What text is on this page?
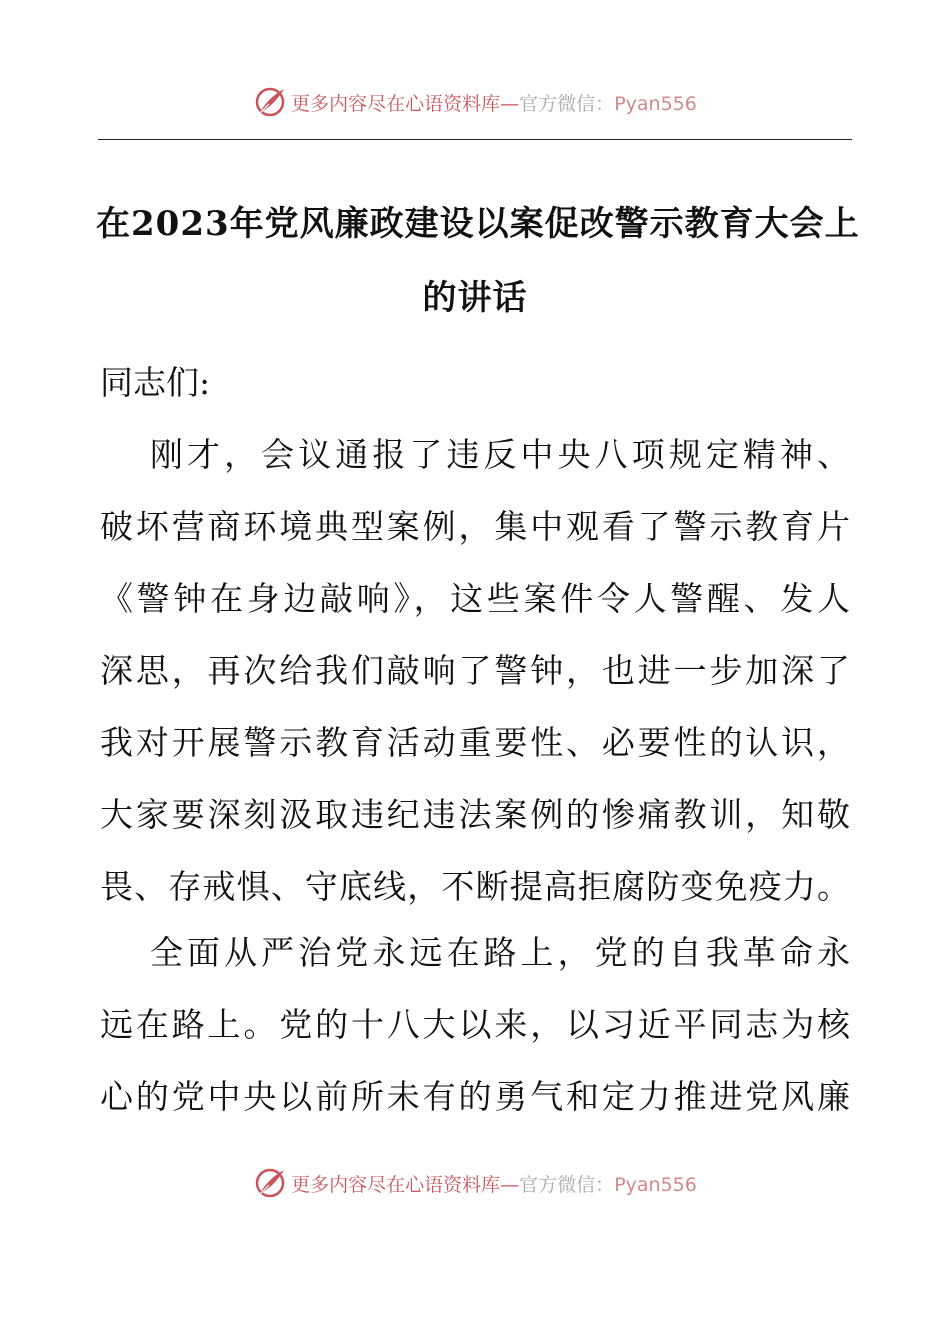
更多内容尽在心语资料库—官方微信：Pyan556
在2023年党风廉政建设以案促改警示教育大会上
的讲话
同志们:
刚才，会议通报了违反中央八项规定精神、
破坏营商环境典型案例，集中观看了警示教育片
《警钟在身边敲响》，这些案件令人警醒、发人
深思，再次给我们敲响了警钟，也进一步加深了
我对开展警示教育活动重要性、必要性的认识，
大家要深刻汲取违纪违法案例的惨痛教训，知敬
畏、存戒惧、守底线，不断提高拒腐防变免疫力。
全面从严治党永远在路上，党的自我革命永
远在路上。党的十八大以来，以习近平同志为核
心的党中央以前所未有的勇气和定力推进党风廉
更多内容尽在心语资料库—官方微信：Pyan556
